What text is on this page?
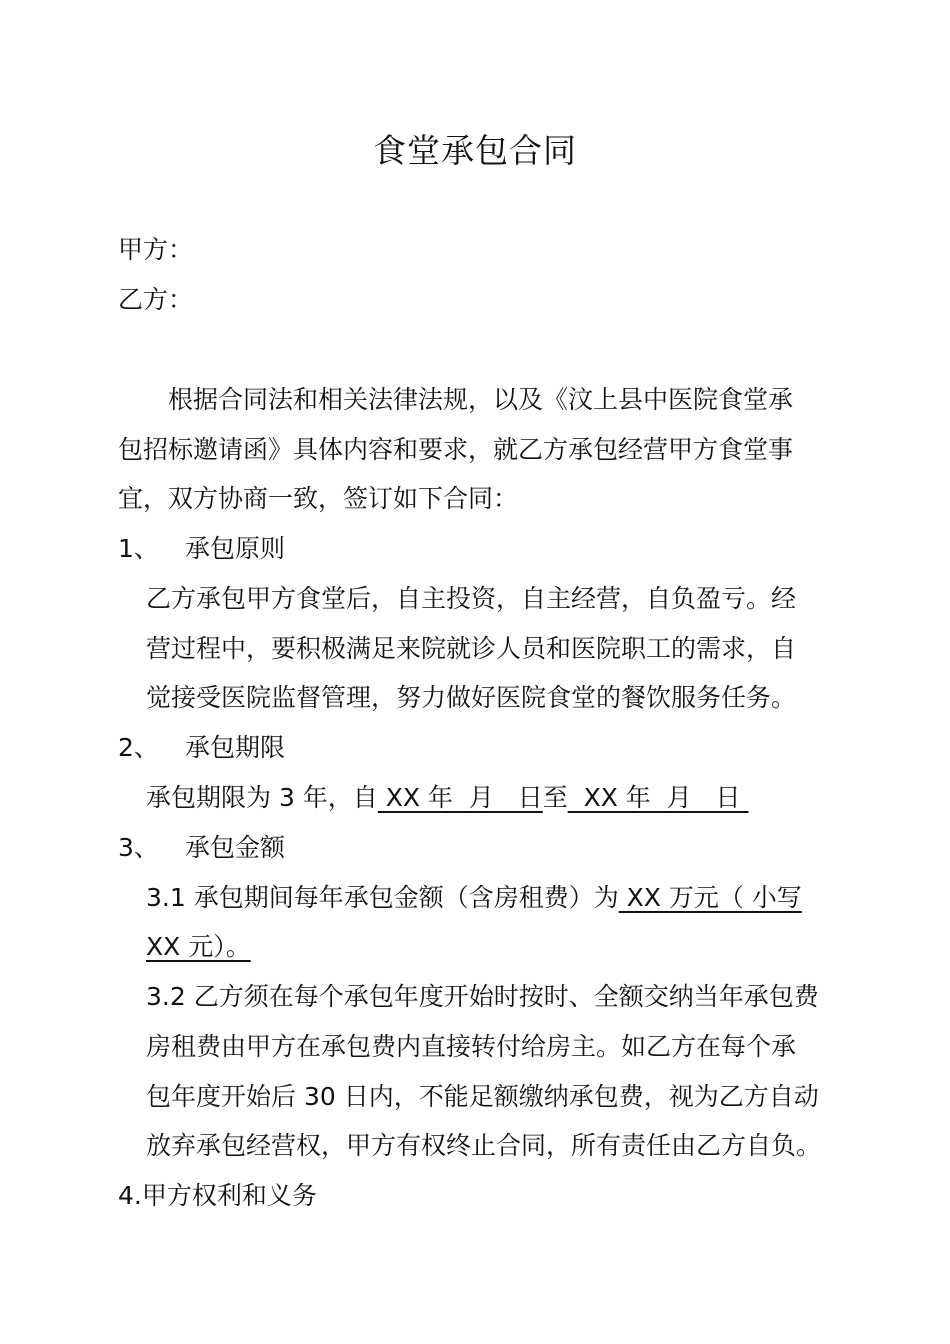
食堂承包合同
甲方：
乙方：
根据合同法和相关法律法规，以及《汶上县中医院食堂承
包招标邀请函》具体内容和要求，就乙方承包经营甲方食堂事
宜，双方协商一致，签订如下合同：
1、 承包原则
乙方承包甲方食堂后，自主投资，自主经营，自负盈亏。经
营过程中，要积极满足来院就诊人员和医院职工的需求，自
觉接受医院监督管理，努力做好医院食堂的餐饮服务任务。
2、 承包期限
承包期限为 3 年，自 XX 年  月   日至  XX 年  月   日
3、 承包金额
3.1 承包期间每年承包金额（含房租费）为 XX 万元（ 小写
XX 元）。
3.2 乙方须在每个承包年度开始时按时、全额交纳当年承包费
房租费由甲方在承包费内直接转付给房主。如乙方在每个承
包年度开始后 30 日内，不能足额缴纳承包费，视为乙方自动
放弃承包经营权，甲方有权终止合同，所有责任由乙方自负。
4.甲方权利和义务
